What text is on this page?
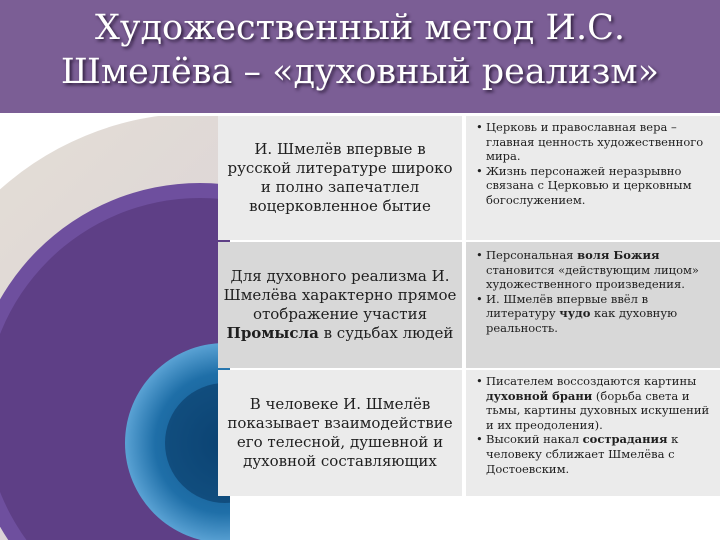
И. Шмелёв впервые в русской литературе широко и полно запечатлел воцерковленное бытие

• Церковь и православная вера – главная ценность художественного мира.

• Жизнь персонажей неразрывно связана с Церковью и церковным богослужением.

Для духовного реализма И. Шмелёва характерно прямое отображение участия Промысла в судьбах людей

• Персональная воля Божия становится «действующим лицом» художественного произведения.

• И. Шмелёв впервые ввёл в литературу чудо как духовную реальность.

В человеке И. Шмелёв показывает взаимодействие его телесной, душевной и духовной составляющих

• Писателем воссоздаются картины духовной брани (борьба света и тьмы, картины духовных искушений и их преодоления).

• Высокий накал сострадания к человеку сближает Шмелёва с Достоевским.

Художественный метод И.С.
Шмелёва – «духовный реализм»
